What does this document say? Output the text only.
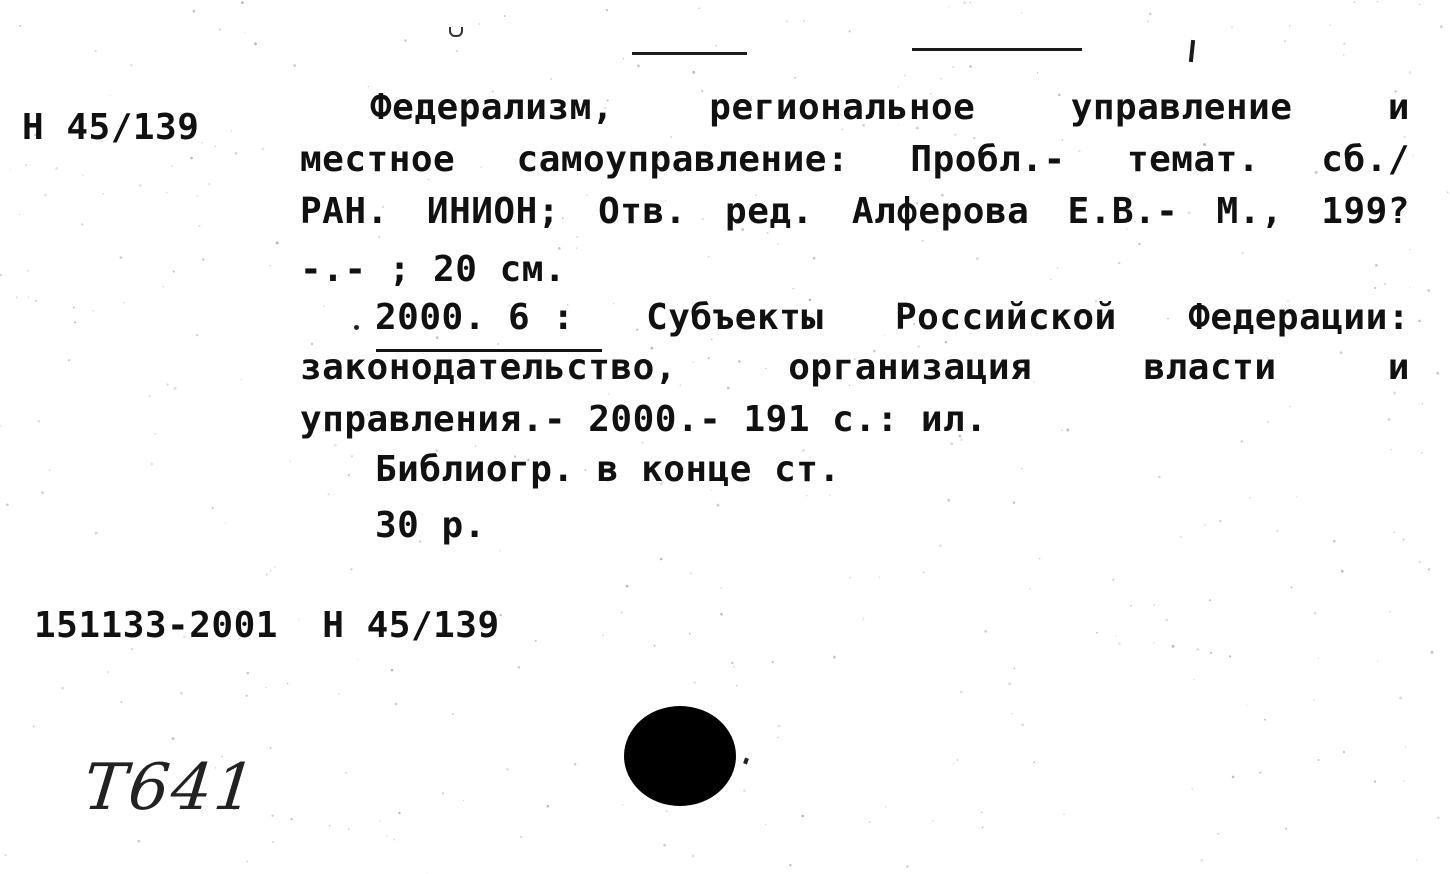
Н 45/139	Федерализм,	региональное	управление	и
местное самоуправление: Пробл.- темат. сб./
РАН. ИНИОН; Отв. ред. Алферова Е.В.- М., 199?
-.- ; 20 см.
2000. 6 : Субъекты Российской Федерации:
законодательство,	организация	власти	и
управления.- 2000.- 191 с.: ил.
Библиогр. в конце ст.
30 р.
151133-2001  Н 45/139
Т641
